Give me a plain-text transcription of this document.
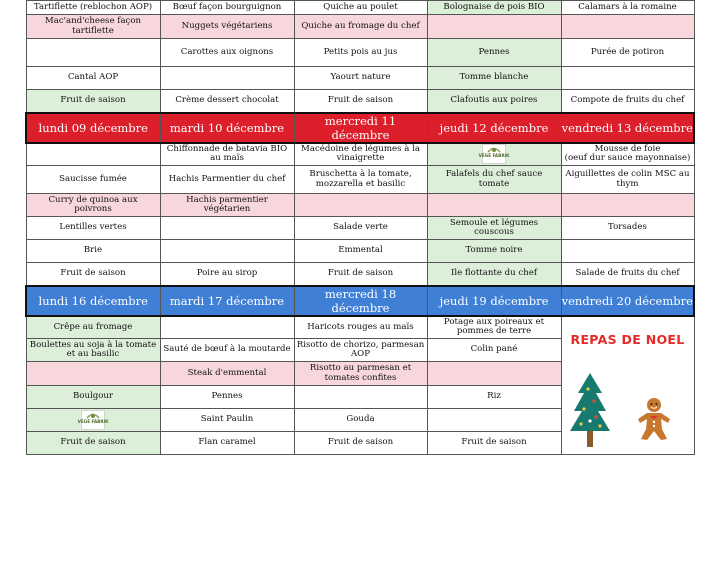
Tartiflette (reblochon AOP)	Bœuf façon bourguignon	Quiche au poulet	Bolognaise de pois BIO	Calamars à la romaine
Mac'and'cheese façon tartiflette	Nuggets végétariens	Quiche au fromage du chef		
	Carottes aux oignons	Petits pois au jus	Pennes	Purée de potiron
Cantal AOP		Yaourt nature	Tomme blanche	
Fruit de saison	Crème dessert chocolat	Fruit de saison	Clafoutis aux poires	Compote de fruits du chef
lundi 09 décembre	mardi 10 décembre	mercredi 11 décembre	jeudi 12 décembre	vendredi 13 décembre
	Chiffonnade de batavia BIO au maïs	Macédoine de légumes à la vinaigrette	VÉGÉ FABRIK	Mousse de foie
(oeuf dur sauce mayonnaise)
Saucisse fumée	Hachis Parmentier du chef	Bruschetta à la tomate, mozzarella et basilic	Falafels du chef sauce tomate	Aiguillettes de colin MSC au thym
Curry de quinoa aux poivrons	Hachis parmentier végétarien			
Lentilles vertes		Salade verte	Semoule et légumes couscous	Torsades
Brie		Emmental	Tomme noire	
Fruit de saison	Poire au sirop	Fruit de saison	Ile flottante du chef	Salade de fruits du chef
lundi 16 décembre	mardi 17 décembre	mercredi 18 décembre	jeudi 19 décembre	vendredi 20 décembre
Crêpe au fromage		Haricots rouges au maïs	Potage aux poireaux et pommes de terre	REPAS DE NOEL

Boulettes au soja à la tomate et au basilic	Sauté de bœuf à la moutarde	Risotto de chorizo, parmesan AOP	Colin pané	
	Steak d'emmental	Risotto au parmesan et tomates confites		
Boulgour	Pennes		Riz	

VÉGÉ FABRIK	Saint Paulin	Gouda		
Fruit de saison	Flan caramel	Fruit de saison	Fruit de saison	
